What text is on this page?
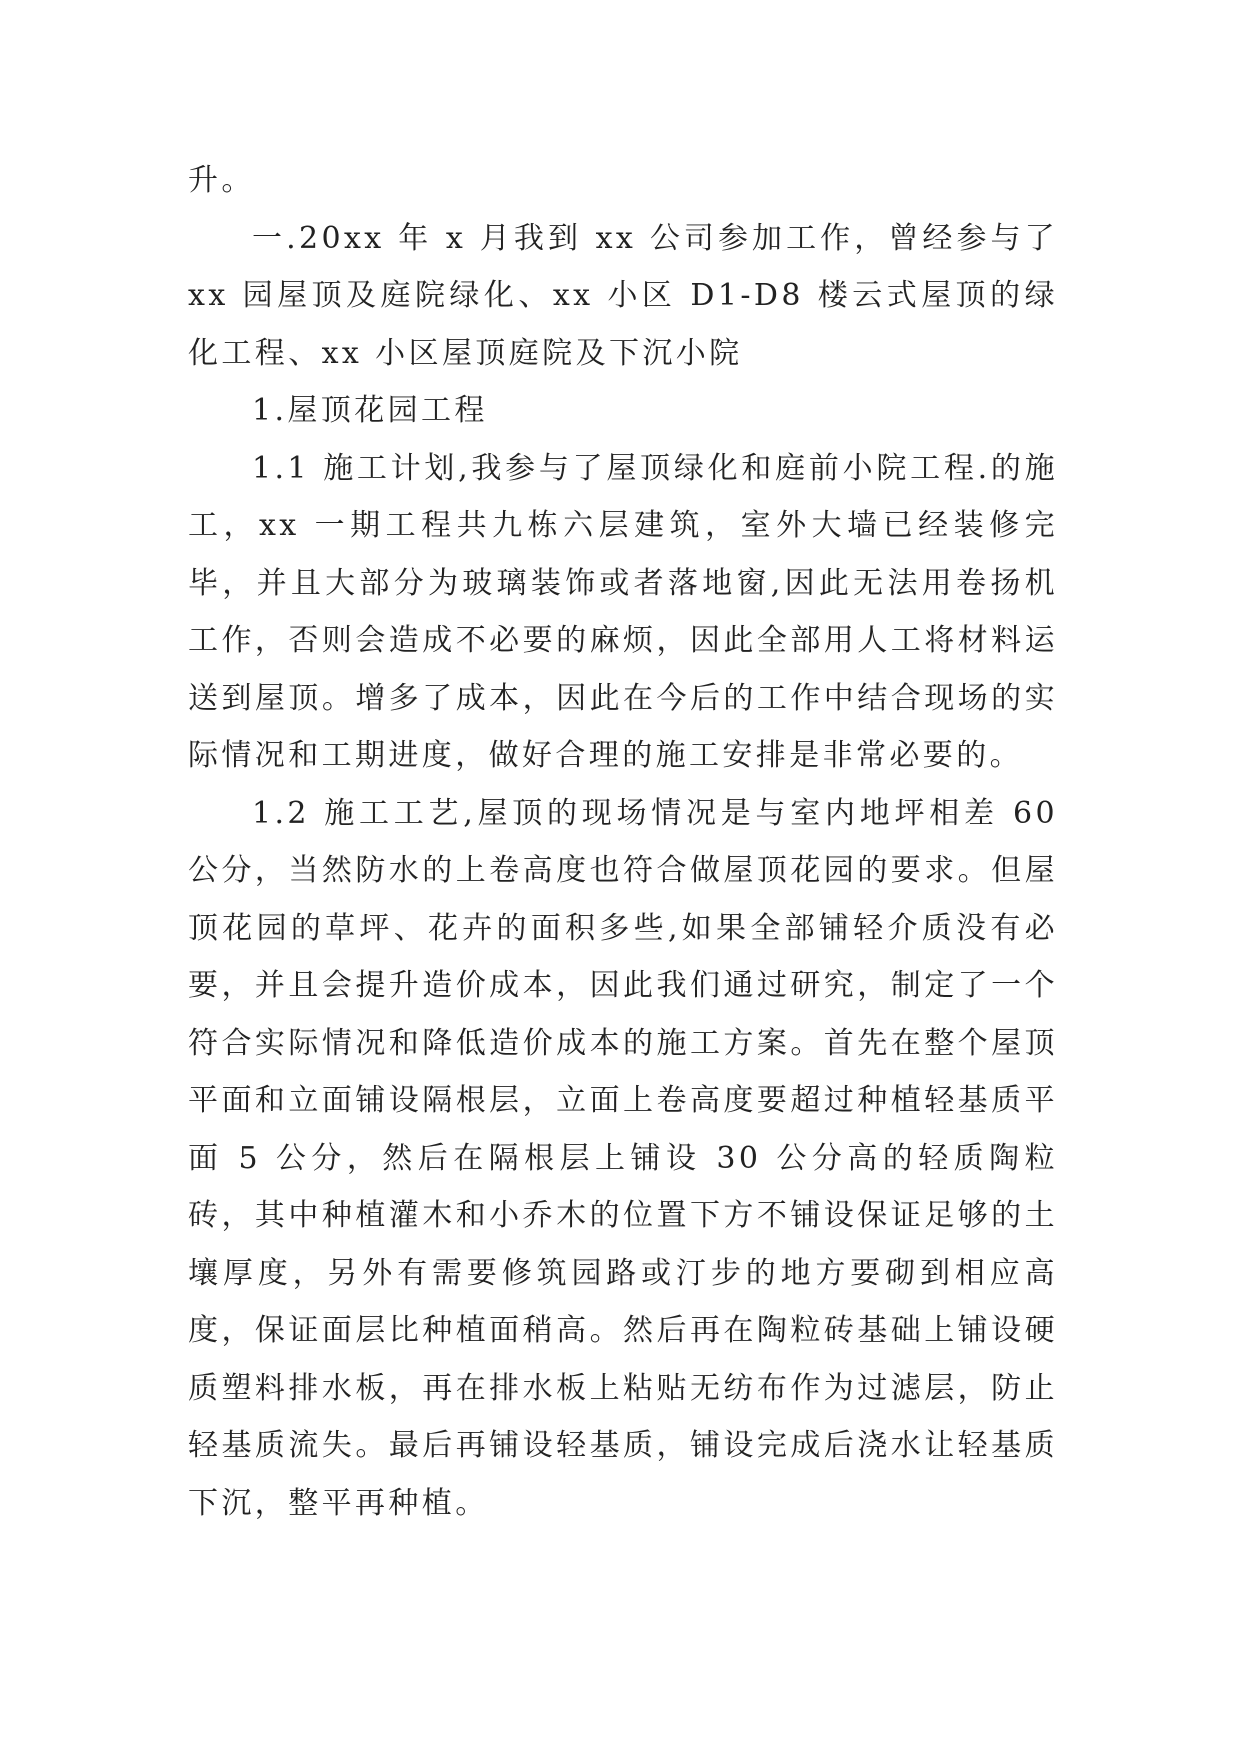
升。

一.20xx 年 x 月我到 xx 公司参加工作，曾经参与了 xx 园屋顶及庭院绿化、xx 小区 D1-D8 楼云式屋顶的绿化工程、xx 小区屋顶庭院及下沉小院

1.屋顶花园工程

1.1 施工计划,我参与了屋顶绿化和庭前小院工程.的施工，xx 一期工程共九栋六层建筑，室外大墙已经装修完毕，并且大部分为玻璃装饰或者落地窗,因此无法用卷扬机工作，否则会造成不必要的麻烦，因此全部用人工将材料运送到屋顶。增多了成本，因此在今后的工作中结合现场的实际情况和工期进度，做好合理的施工安排是非常必要的。

1.2 施工工艺,屋顶的现场情况是与室内地坪相差 60 公分，当然防水的上卷高度也符合做屋顶花园的要求。但屋顶花园的草坪、花卉的面积多些,如果全部铺轻介质没有必要，并且会提升造价成本，因此我们通过研究，制定了一个符合实际情况和降低造价成本的施工方案。首先在整个屋顶平面和立面铺设隔根层，立面上卷高度要超过种植轻基质平面 5 公分，然后在隔根层上铺设 30 公分高的轻质陶粒砖，其中种植灌木和小乔木的位置下方不铺设保证足够的土壤厚度，另外有需要修筑园路或汀步的地方要砌到相应高度，保证面层比种植面稍高。然后再在陶粒砖基础上铺设硬质塑料排水板，再在排水板上粘贴无纺布作为过滤层，防止轻基质流失。最后再铺设轻基质，铺设完成后浇水让轻基质下沉，整平再种植。
